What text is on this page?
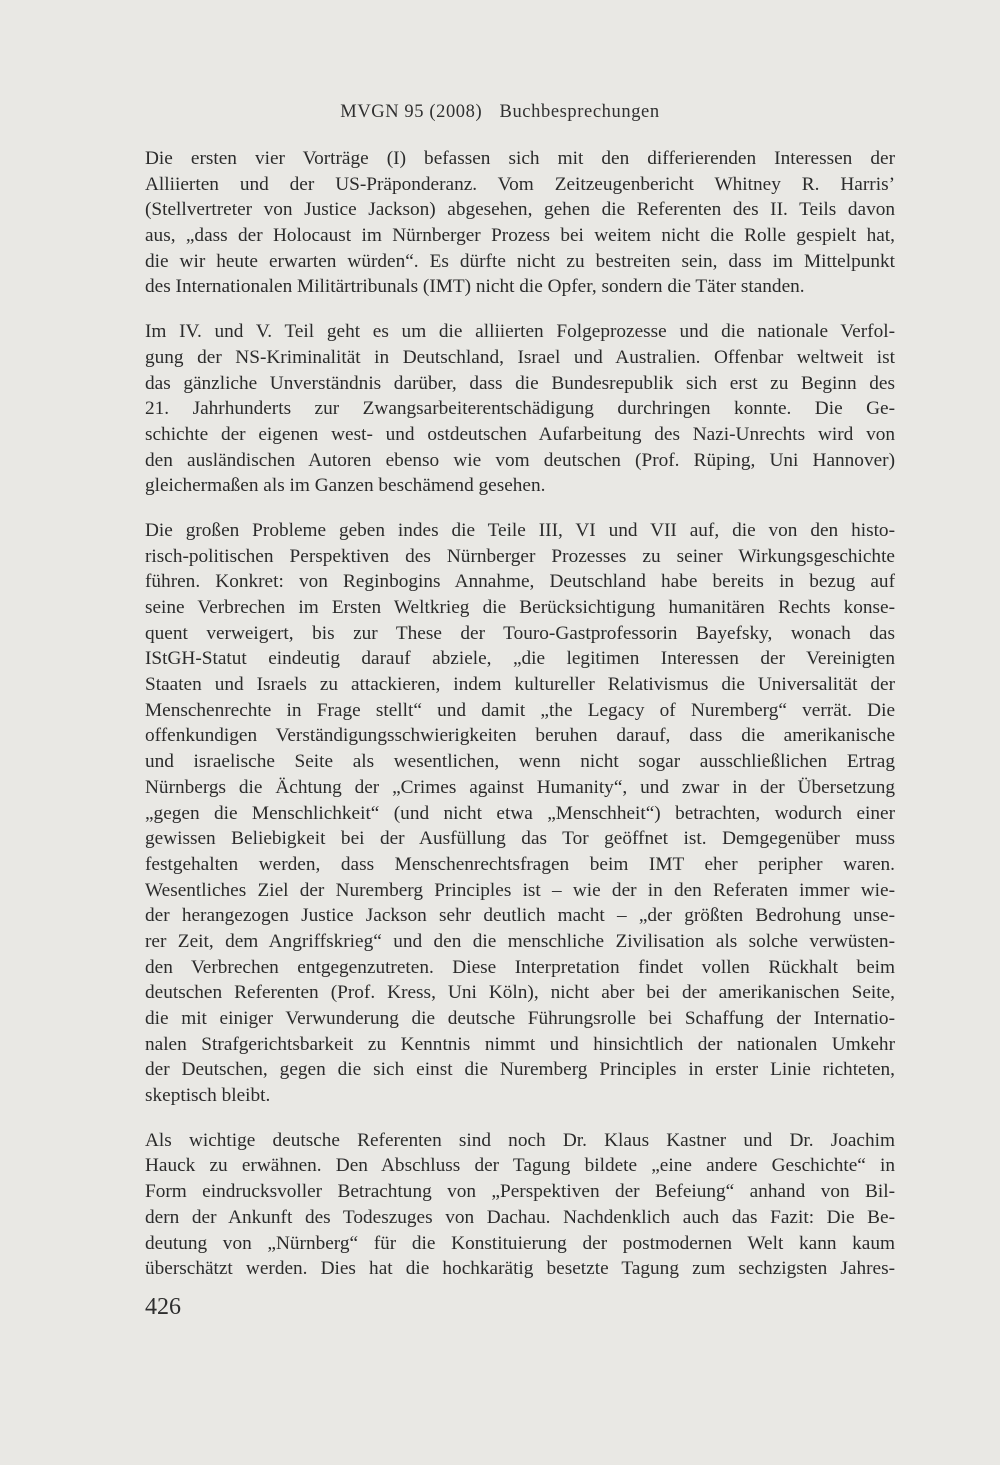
MVGN 95 (2008) Buchbesprechungen
Die ersten vier Vorträge (I) befassen sich mit den differierenden Interessen der
Alliierten und der US-Präponderanz. Vom Zeitzeugenbericht Whitney R. Harris’
(Stellvertreter von Justice Jackson) abgesehen, gehen die Referenten des II. Teils davon
aus, „dass der Holocaust im Nürnberger Prozess bei weitem nicht die Rolle gespielt hat,
die wir heute erwarten würden“. Es dürfte nicht zu bestreiten sein, dass im Mittelpunkt
des Internationalen Militärtribunals (IMT) nicht die Opfer, sondern die Täter standen.
Im IV. und V. Teil geht es um die alliierten Folgeprozesse und die nationale Verfol-
gung der NS-Kriminalität in Deutschland, Israel und Australien. Offenbar weltweit ist
das gänzliche Unverständnis darüber, dass die Bundesrepublik sich erst zu Beginn des
21. Jahrhunderts zur Zwangsarbeiterentschädigung durchringen konnte. Die Ge-
schichte der eigenen west- und ostdeutschen Aufarbeitung des Nazi-Unrechts wird von
den ausländischen Autoren ebenso wie vom deutschen (Prof. Rüping, Uni Hannover)
gleichermaßen als im Ganzen beschämend gesehen.
Die großen Probleme geben indes die Teile III, VI und VII auf, die von den histo-
risch-politischen Perspektiven des Nürnberger Prozesses zu seiner Wirkungsgeschichte
führen. Konkret: von Reginbogins Annahme, Deutschland habe bereits in bezug auf
seine Verbrechen im Ersten Weltkrieg die Berücksichtigung humanitären Rechts konse-
quent verweigert, bis zur These der Touro-Gastprofessorin Bayefsky, wonach das
IStGH-Statut eindeutig darauf abziele, „die legitimen Interessen der Vereinigten
Staaten und Israels zu attackieren, indem kultureller Relativismus die Universalität der
Menschenrechte in Frage stellt“ und damit „the Legacy of Nuremberg“ verrät. Die
offenkundigen Verständigungsschwierigkeiten beruhen darauf, dass die amerikanische
und israelische Seite als wesentlichen, wenn nicht sogar ausschließlichen Ertrag
Nürnbergs die Ächtung der „Crimes against Humanity“, und zwar in der Übersetzung
„gegen die Menschlichkeit“ (und nicht etwa „Menschheit“) betrachten, wodurch einer
gewissen Beliebigkeit bei der Ausfüllung das Tor geöffnet ist. Demgegenüber muss
festgehalten werden, dass Menschenrechtsfragen beim IMT eher peripher waren.
Wesentliches Ziel der Nuremberg Principles ist – wie der in den Referaten immer wie-
der herangezogen Justice Jackson sehr deutlich macht – „der größten Bedrohung unse-
rer Zeit, dem Angriffskrieg“ und den die menschliche Zivilisation als solche verwüsten-
den Verbrechen entgegenzutreten. Diese Interpretation findet vollen Rückhalt beim
deutschen Referenten (Prof. Kress, Uni Köln), nicht aber bei der amerikanischen Seite,
die mit einiger Verwunderung die deutsche Führungsrolle bei Schaffung der Internatio-
nalen Strafgerichtsbarkeit zu Kenntnis nimmt und hinsichtlich der nationalen Umkehr
der Deutschen, gegen die sich einst die Nuremberg Principles in erster Linie richteten,
skeptisch bleibt.
Als wichtige deutsche Referenten sind noch Dr. Klaus Kastner und Dr. Joachim
Hauck zu erwähnen. Den Abschluss der Tagung bildete „eine andere Geschichte“ in
Form eindrucksvoller Betrachtung von „Perspektiven der Befeiung“ anhand von Bil-
dern der Ankunft des Todeszuges von Dachau. Nachdenklich auch das Fazit: Die Be-
deutung von „Nürnberg“ für die Konstituierung der postmodernen Welt kann kaum
überschätzt werden. Dies hat die hochkarätig besetzte Tagung zum sechzigsten Jahres-
426
